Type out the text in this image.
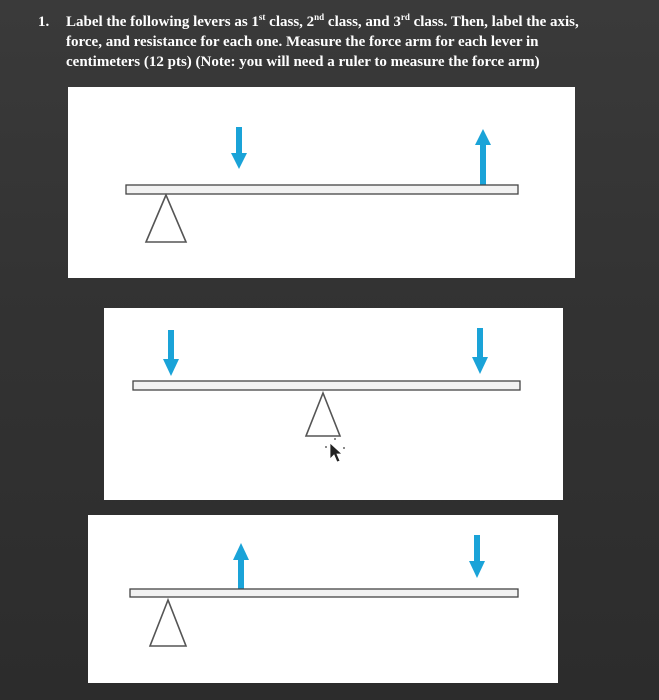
1. Label the following levers as 1st class, 2nd class, and 3rd class. Then, label the axis,
force, and resistance for each one. Measure the force arm for each lever in
centimeters (12 pts) (Note: you will need a ruler to measure the force arm)
